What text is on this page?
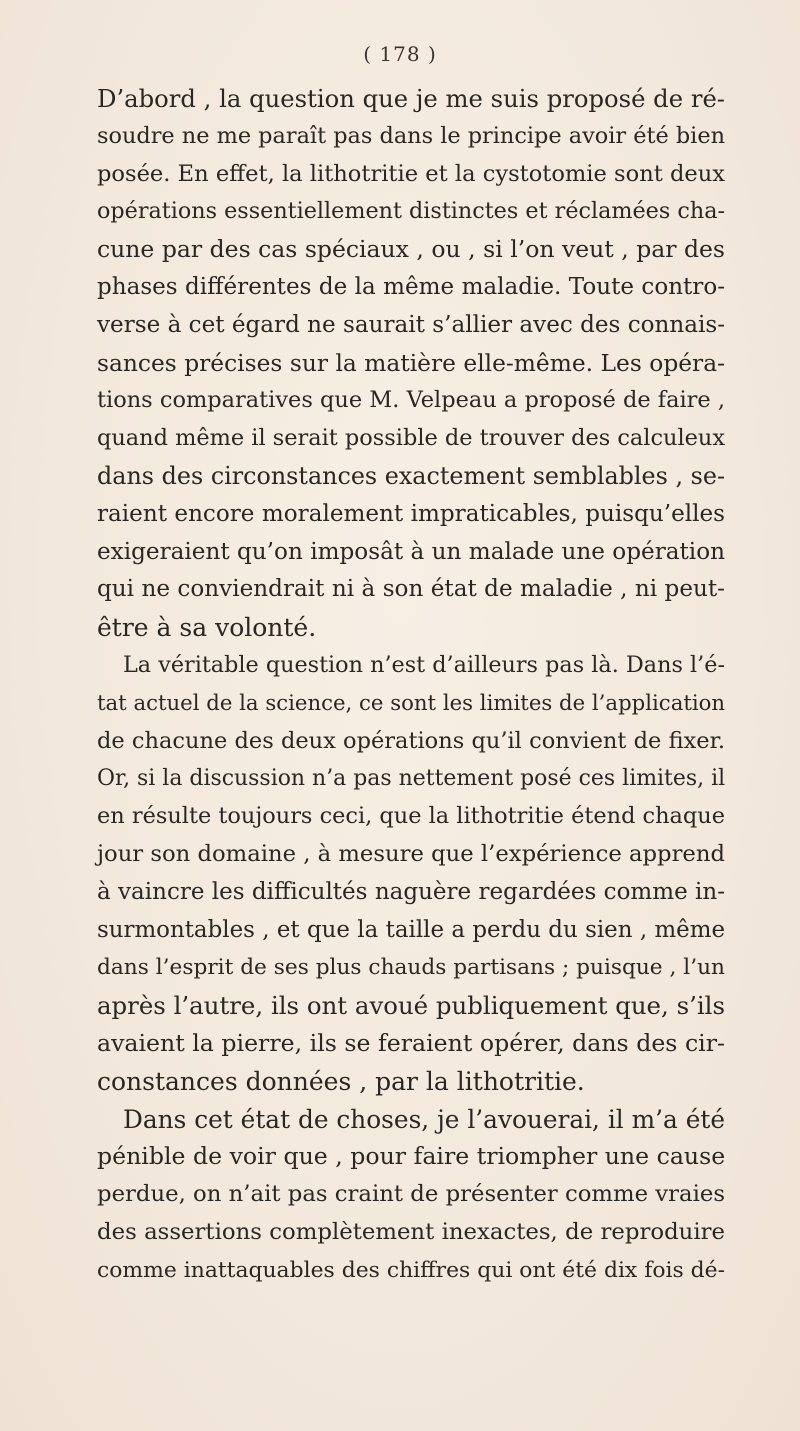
( 178 )
D’abord , la question que je me suis proposé de ré-
soudre ne me paraît pas dans le principe avoir été bien
posée. En effet, la lithotritie et la cystotomie sont deux
opérations essentiellement distinctes et réclamées cha-
cune par des cas spéciaux , ou , si l’on veut , par des
phases différentes de la même maladie. Toute contro-
verse à cet égard ne saurait s’allier avec des connais-
sances précises sur la matière elle-même. Les opéra-
tions comparatives que M. Velpeau a proposé de faire ,
quand même il serait possible de trouver des calculeux
dans des circonstances exactement semblables , se-
raient encore moralement impraticables, puisqu’elles
exigeraient qu’on imposât à un malade une opération
qui ne conviendrait ni à son état de maladie , ni peut-
être à sa volonté.
La véritable question n’est d’ailleurs pas là. Dans l’é-
tat actuel de la science, ce sont les limites de l’application
de chacune des deux opérations qu’il convient de fixer.
Or, si la discussion n’a pas nettement posé ces limites, il
en résulte toujours ceci, que la lithotritie étend chaque
jour son domaine , à mesure que l’expérience apprend
à vaincre les difficultés naguère regardées comme in-
surmontables , et que la taille a perdu du sien , même
dans l’esprit de ses plus chauds partisans ; puisque , l’un
après l’autre, ils ont avoué publiquement que, s’ils
avaient la pierre, ils se feraient opérer, dans des cir-
constances données , par la lithotritie.
Dans cet état de choses, je l’avouerai, il m’a été
pénible de voir que , pour faire triompher une cause
perdue, on n’ait pas craint de présenter comme vraies
des assertions complètement inexactes, de reproduire
comme inattaquables des chiffres qui ont été dix fois dé-
